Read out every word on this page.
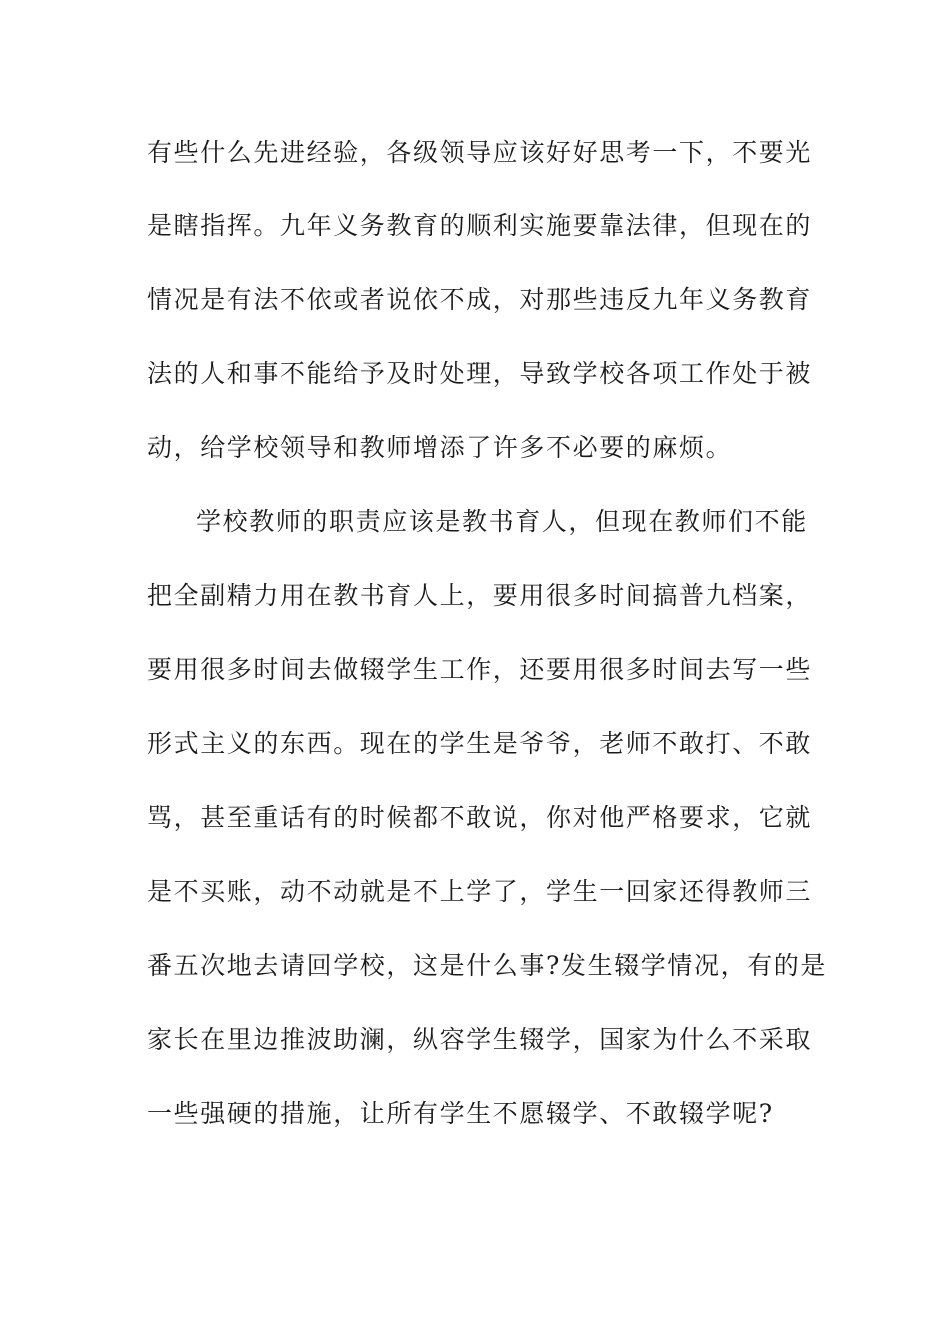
有些什么先进经验，各级领导应该好好思考一下，不要光
是瞎指挥。九年义务教育的顺利实施要靠法律，但现在的
情况是有法不依或者说依不成，对那些违反九年义务教育
法的人和事不能给予及时处理，导致学校各项工作处于被
动，给学校领导和教师增添了许多不必要的麻烦。
学校教师的职责应该是教书育人，但现在教师们不能
把全副精力用在教书育人上，要用很多时间搞普九档案，
要用很多时间去做辍学生工作，还要用很多时间去写一些
形式主义的东西。现在的学生是爷爷，老师不敢打、不敢
骂，甚至重话有的时候都不敢说，你对他严格要求，它就
是不买账，动不动就是不上学了，学生一回家还得教师三
番五次地去请回学校，这是什么事?发生辍学情况，有的是
家长在里边推波助澜，纵容学生辍学，国家为什么不采取
一些强硬的措施，让所有学生不愿辍学、不敢辍学呢?
